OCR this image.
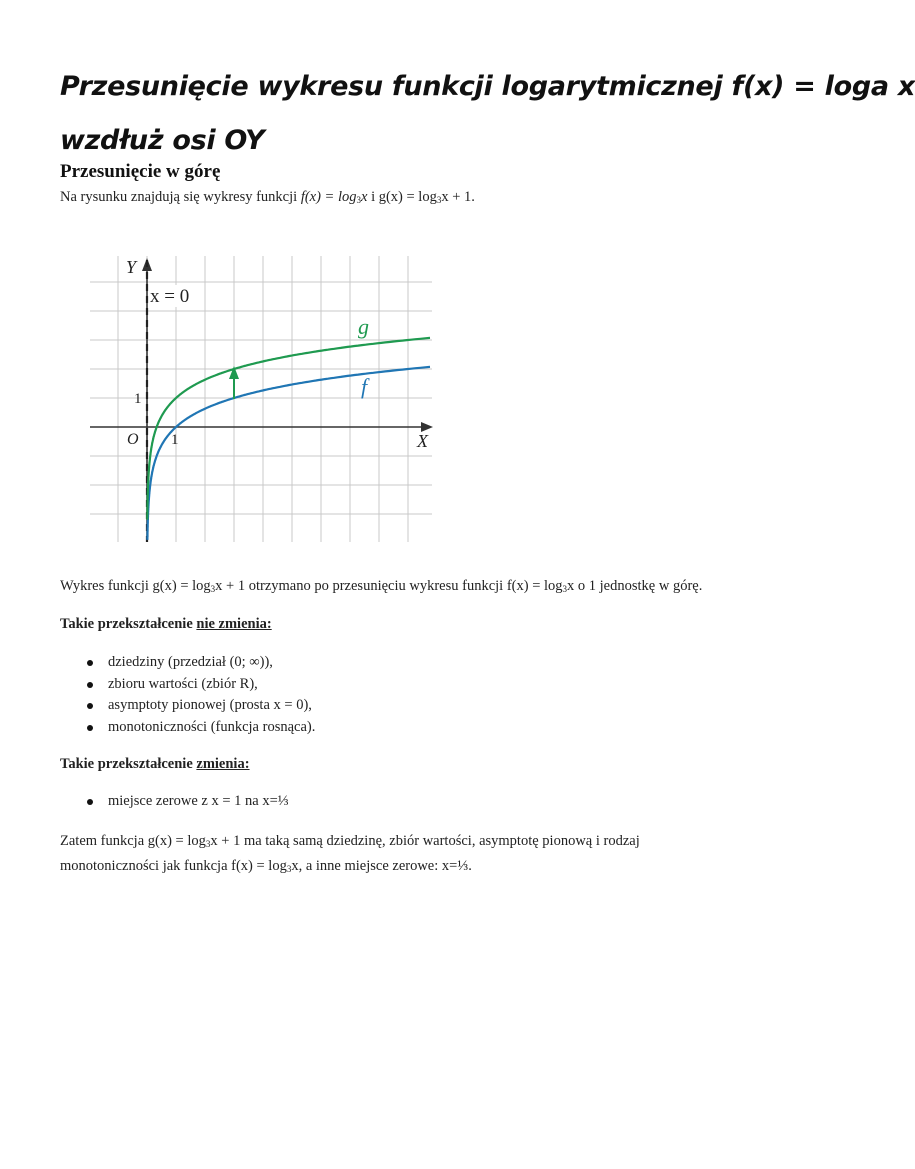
Przesunięcie wykresu funkcji logarytmicznej f(x) = loga x
wzdłuż osi OY
Przesunięcie w górę
Na rysunku znajdują się wykresy funkcji $f(x) = \log_3x$ i $g(x) = \log_3x + 1$.
x = 0
Y
X
O 1
1
g
f
Wykres funkcji $g(x) = \log_3x + 1$ otrzymano po przesunięciu wykresu funkcji $f(x) = \log_3x$ o 1 jednostkę w górę.
Takie przekształcenie nie zmienia:
dziedziny (przedział (0; ∞)),
zbioru wartości (zbiór R),
asymptoty pionowej (prosta x = 0),
monotoniczności (funkcja rosnąca).
Takie przekształcenie zmienia:
miejsce zerowe z x = 1 na x=⅓
Zatem funkcja $g(x) = \log_3x + 1$ ma taką samą dziedzinę, zbiór wartości, asymptotę pionową i rodzaj
monotoniczności jak funkcja $f(x) = \log_3x$, a inne miejsce zerowe: x=⅓.
